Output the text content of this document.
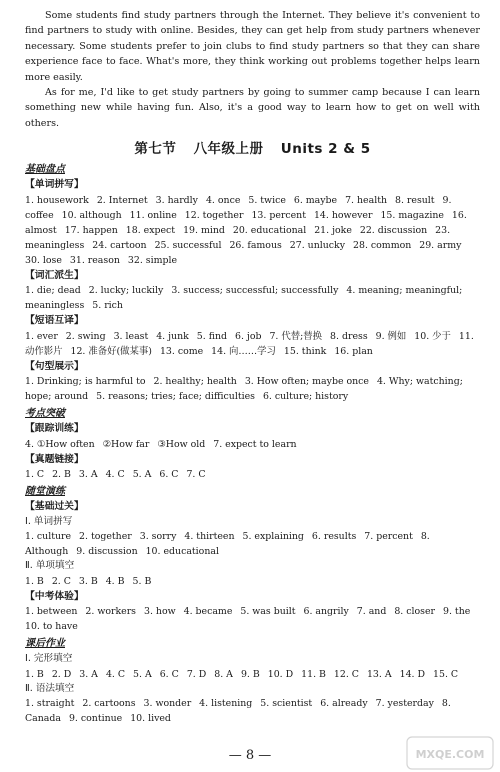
Some students find study partners through the Internet. They believe it's convenient to find partners to study with online. Besides, they can get help from study partners whenever necessary. Some students prefer to join clubs to find study partners so that they can share experience face to face. What's more, they think working out problems together helps learn more easily.

As for me, I'd like to get study partners by going to summer camp because I can learn something new while having fun. Also, it's a good way to learn how to get on well with others.

第七节 八年级上册 Units 2 & 5
基础盘点
【单词拼写】

1. housework 2. Internet 3. hardly 4. once 5. twice 6. maybe 7. health 8. result 9. coffee 10. although 11. online 12. together 13. percent 14. however 15. magazine 16. almost 17. happen 18. expect 19. mind 20. educational 21. joke 22. discussion 23. meaningless 24. cartoon 25. successful 26. famous 27. unlucky 28. common 29. army 30. lose 31. reason 32. simple

【词汇派生】

1. die; dead 2. lucky; luckily 3. success; successful; successfully 4. meaning; meaningful; meaningless 5. rich

【短语互译】

1. ever 2. swing 3. least 4. junk 5. find 6. job 7. 代替;替换 8. dress 9. 例如 10. 少于 11. 动作影片 12. 准备好(做某事) 13. come 14. 向……学习 15. think 16. plan

【句型展示】

1. Drinking; is harmful to 2. healthy; health 3. How often; maybe once 4. Why; watching; hope; around 5. reasons; tries; face; difficulties 6. culture; history

考点突破
【跟踪训练】

4. ①How often ②How far ③How old 7. expect to learn

【真题链接】

1. C 2. B 3. A 4. C 5. A 6. C 7. C

随堂演练
【基础过关】
Ⅰ. 单词拼写

1. culture 2. together 3. sorry 4. thirteen 5. explaining 6. results 7. percent 8. Although 9. discussion 10. educational

Ⅱ. 单项填空

1. B 2. C 3. B 4. B 5. B

【中考体验】

1. between 2. workers 3. how 4. became 5. was built 6. angrily 7. and 8. closer 9. the 10. to have

课后作业
Ⅰ. 完形填空

1. B 2. D 3. A 4. C 5. A 6. C 7. D 8. A 9. B 10. D 11. B 12. C 13. A 14. D 15. C

Ⅱ. 语法填空

1. straight 2. cartoons 3. wonder 4. listening 5. scientist 6. already 7. yesterday 8. Canada 9. continue 10. lived

— 8 —	MXQE.COM
